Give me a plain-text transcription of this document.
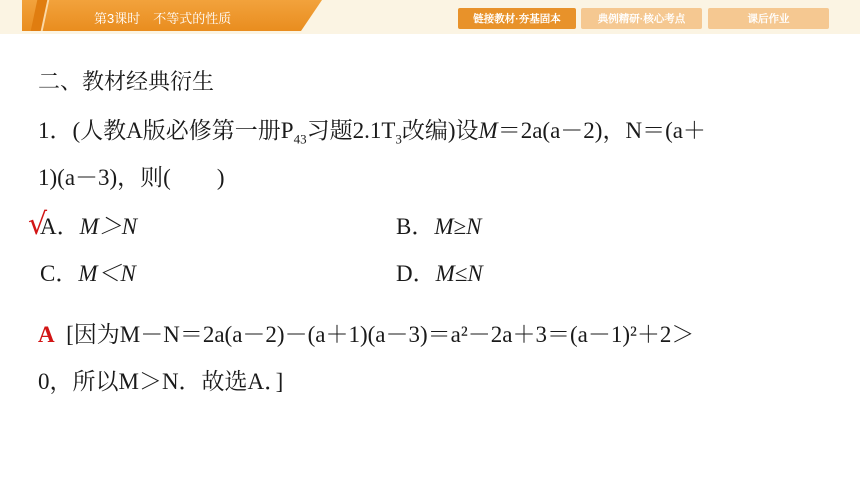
第3课时　不等式的性质	链接教材·夯基固本	典例精研·核心考点	课后作业
二、教材经典衍生
1．(人教A版必修第一册$P_{43}$习题$2.1T_3$改编)设M＝2a(a－2)，N＝(a＋
1)(a－3)，则(　　)
√
A．M＞N	B．M≥N
C．M＜N	D．M≤N
A [因为M－N＝2a(a－2)－(a＋1)(a－3)＝a²－2a＋3＝(a－1)²＋2＞
0，所以M＞N．故选A．]
